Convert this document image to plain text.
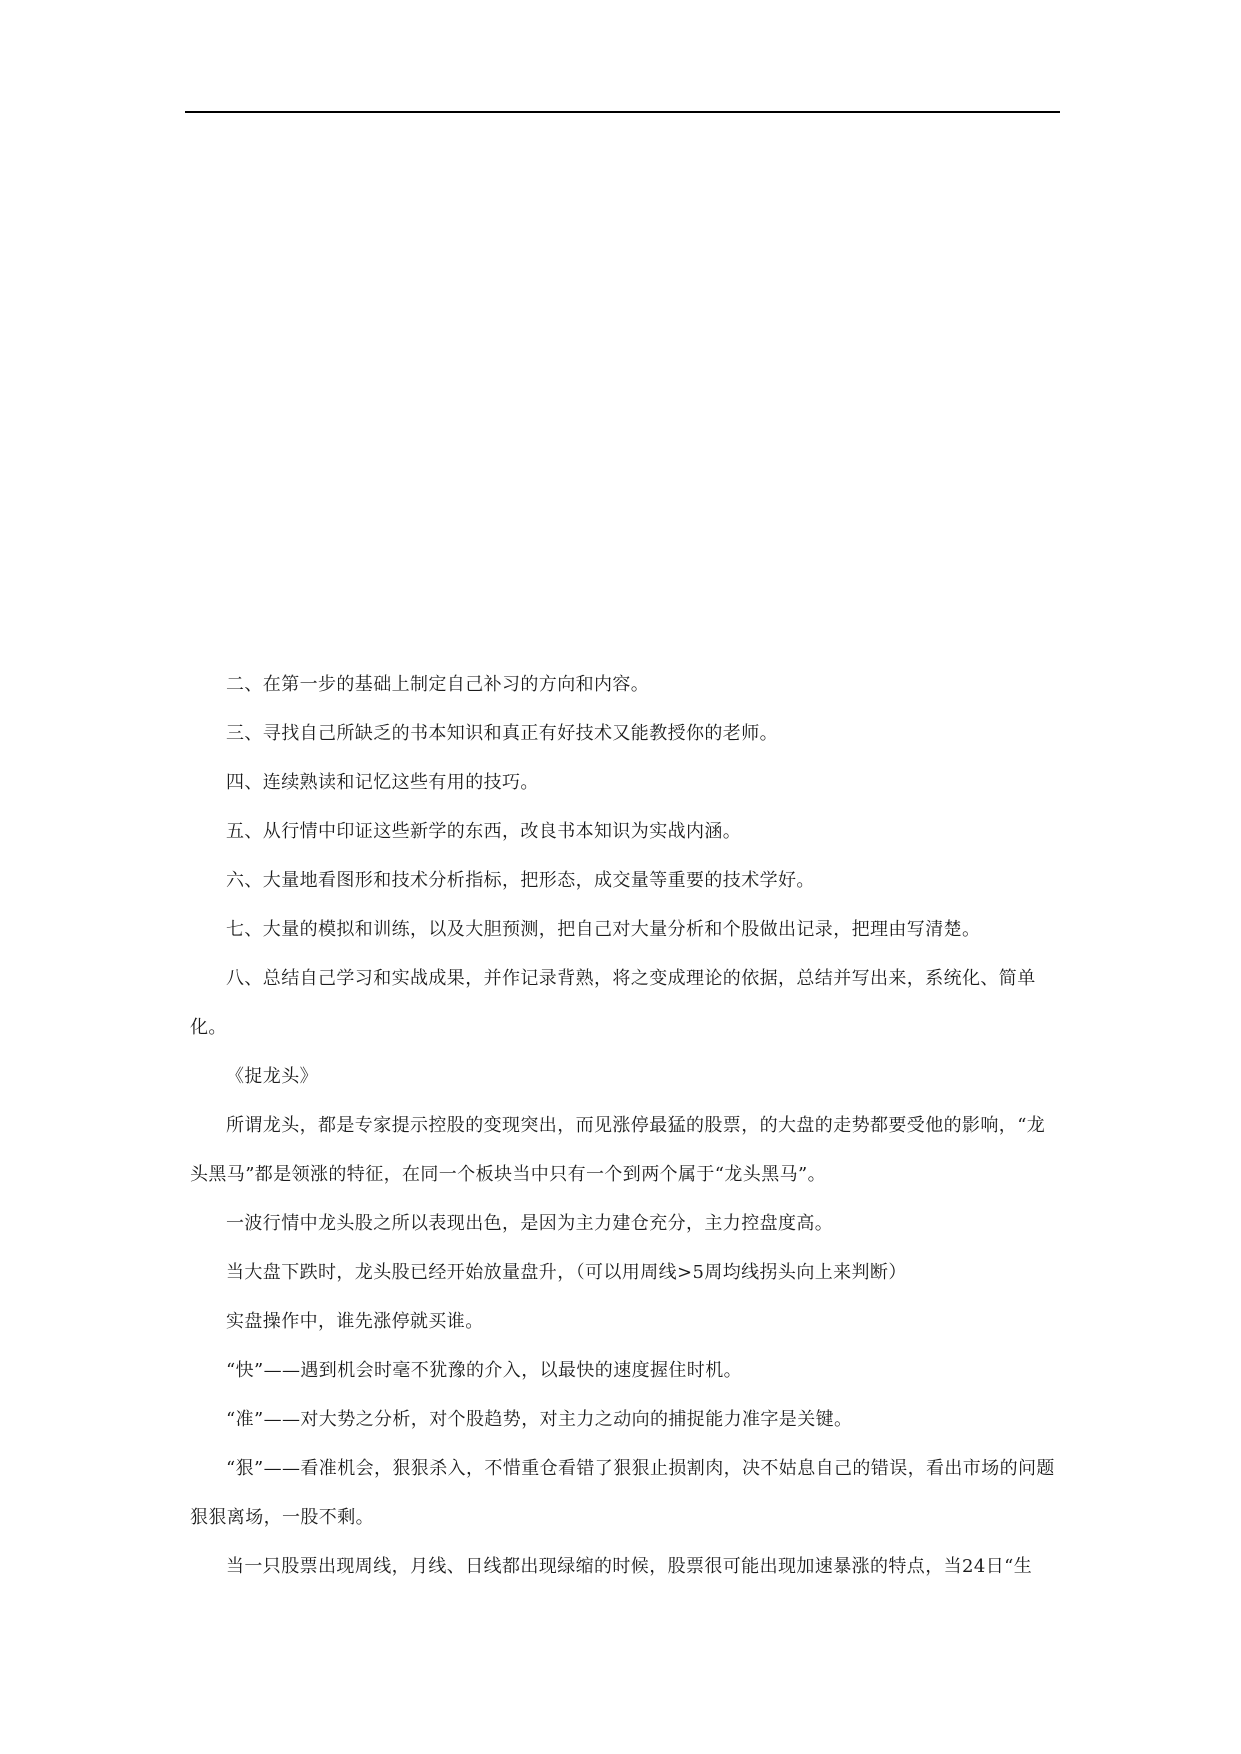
二、在第一步的基础上制定自己补习的方向和内容。

三、寻找自己所缺乏的书本知识和真正有好技术又能教授你的老师。

四、连续熟读和记忆这些有用的技巧。

五、从行情中印证这些新学的东西，改良书本知识为实战内涵。

六、大量地看图形和技术分析指标，把形态，成交量等重要的技术学好。

七、大量的模拟和训练，以及大胆预测，把自己对大量分析和个股做出记录，把理由写清楚。

八、总结自己学习和实战成果，并作记录背熟，将之变成理论的依据，总结并写出来，系统化、简单化。

《捉龙头》

所谓龙头，都是专家提示控股的变现突出，而见涨停最猛的股票，的大盘的走势都要受他的影响，“龙头黑马”都是领涨的特征，在同一个板块当中只有一个到两个属于“龙头黑马”。

一波行情中龙头股之所以表现出色，是因为主力建仓充分，主力控盘度高。

当大盘下跌时，龙头股已经开始放量盘升，（可以用周线>5周均线拐头向上来判断）

实盘操作中，谁先涨停就买谁。

“快”——遇到机会时毫不犹豫的介入，以最快的速度握住时机。

“准”——对大势之分析，对个股趋势，对主力之动向的捕捉能力准字是关键。

“狠”——看准机会，狠狠杀入，不惜重仓看错了狠狠止损割肉，决不姑息自己的错误，看出市场的问题狠狠离场，一股不剩。

当一只股票出现周线，月线、日线都出现绿缩的时候，股票很可能出现加速暴涨的特点，当24日“生
